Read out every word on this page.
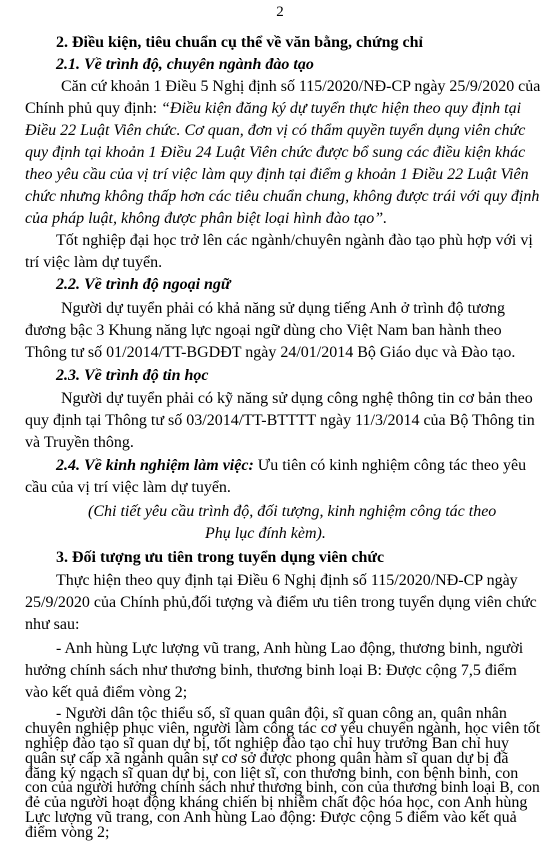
2
2. Điều kiện, tiêu chuẩn cụ thể về văn bằng, chứng chỉ
2.1. Về trình độ, chuyên ngành đào tạo
Căn cứ khoản 1 Điều 5 Nghị định số 115/2020/NĐ-CP ngày 25/9/2020 của
Chính phủ quy định: “Điều kiện đăng ký dự tuyển thực hiện theo quy định tại
Điều 22 Luật Viên chức. Cơ quan, đơn vị có thẩm quyền tuyển dụng viên chức
quy định tại khoản 1 Điều 24 Luật Viên chức được bổ sung các điều kiện khác
theo yêu cầu của vị trí việc làm quy định tại điểm g khoản 1 Điều 22 Luật Viên
chức nhưng không thấp hơn các tiêu chuẩn chung, không được trái với quy định
của pháp luật, không được phân biệt loại hình đào tạo”.
Tốt nghiệp đại học trở lên các ngành/chuyên ngành đào tạo phù hợp với vị
trí việc làm dự tuyển.
2.2. Về trình độ ngoại ngữ
Người dự tuyển phải có khả năng sử dụng tiếng Anh ở trình độ tương
đương bậc 3 Khung năng lực ngoại ngữ dùng cho Việt Nam ban hành theo
Thông tư số 01/2014/TT-BGDĐT ngày 24/01/2014 Bộ Giáo dục và Đào tạo.
2.3. Về trình độ tin học
Người dự tuyển phải có kỹ năng sử dụng công nghệ thông tin cơ bản theo
quy định tại Thông tư số 03/2014/TT-BTTTT ngày 11/3/2014 của Bộ Thông tin
và Truyền thông.
2.4. Về kinh nghiệm làm việc: Ưu tiên có kinh nghiệm công tác theo yêu
cầu của vị trí việc làm dự tuyển.
(Chi tiết yêu cầu trình độ, đối tượng, kinh nghiệm công tác theo
Phụ lục đính kèm).
3. Đối tượng ưu tiên trong tuyển dụng viên chức
Thực hiện theo quy định tại Điều 6 Nghị định số 115/2020/NĐ-CP ngày
25/9/2020 của Chính phủ,đối tượng và điểm ưu tiên trong tuyển dụng viên chức
như sau:
- Anh hùng Lực lượng vũ trang, Anh hùng Lao động, thương binh, người
hưởng chính sách như thương binh, thương binh loại B: Được cộng 7,5 điểm
vào kết quả điểm vòng 2;
- Người dân tộc thiểu số, sĩ quan quân đội, sĩ quan công an, quân nhân
chuyên nghiệp phục viên, người làm công tác cơ yếu chuyển ngành, học viên tốt
nghiệp đào tạo sĩ quan dự bị, tốt nghiệp đào tạo chỉ huy trưởng Ban chỉ huy
quân sự cấp xã ngành quân sự cơ sở được phong quân hàm sĩ quan dự bị đã
đăng ký ngạch sĩ quan dự bị, con liệt sĩ, con thương binh, con bệnh binh, con
con của người hưởng chính sách như thương binh, con của thương binh loại B, con
đẻ của người hoạt động kháng chiến bị nhiễm chất độc hóa học, con Anh hùng
Lực lượng vũ trang, con Anh hùng Lao động: Được cộng 5 điểm vào kết quả
điểm vòng 2;
